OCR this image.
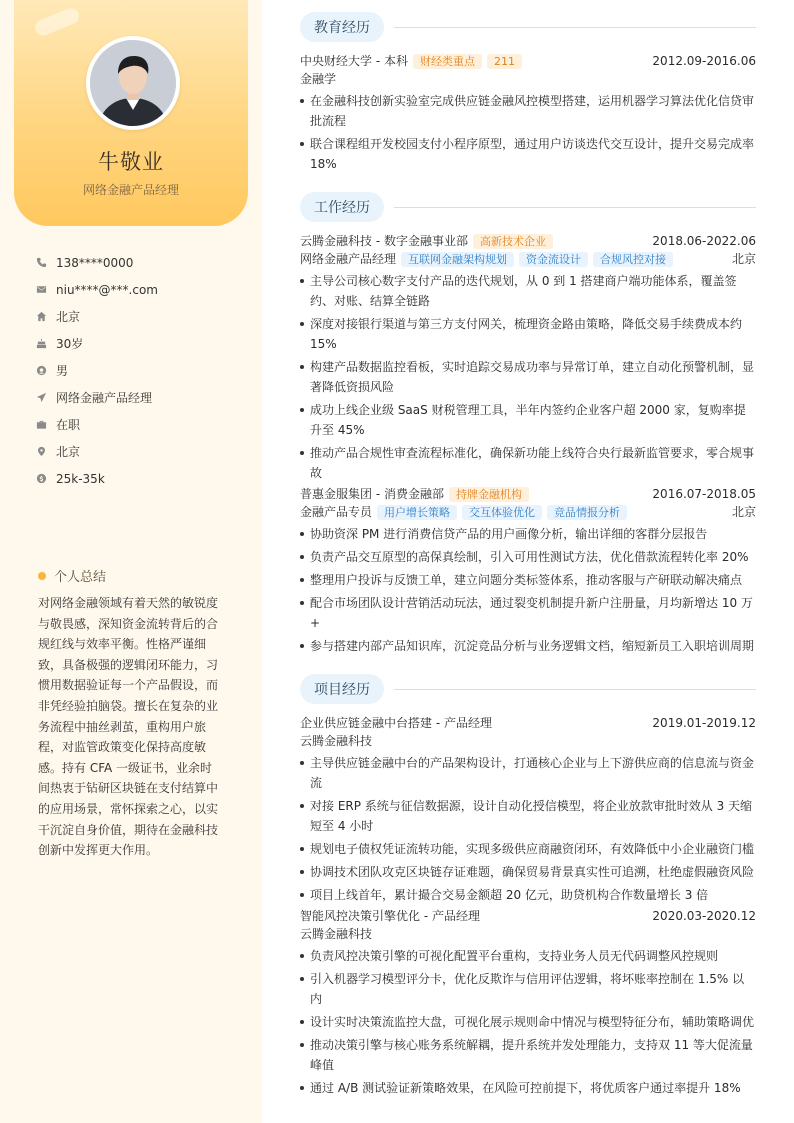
牛敬业
网络金融产品经理
138****0000
niu****@***.com
北京
30岁
男
网络金融产品经理
在职
北京
25k-35k
个人总结
对网络金融领域有着天然的敏锐度与敬畏感，深知资金流转背后的合规红线与效率平衡。性格严谨细致，具备极强的逻辑闭环能力，习惯用数据验证每一个产品假设，而非凭经验拍脑袋。擅长在复杂的业务流程中抽丝剥茧，重构用户旅程，对监管政策变化保持高度敏感。持有 CFA 一级证书，业余时间热衷于钻研区块链在支付结算中的应用场景，常怀探索之心，以实干沉淀自身价值，期待在金融科技创新中发挥更大作用。
教育经历
中央财经大学 - 本科	财经类重点	211	2012.09-2016.06
金融学
在金融科技创新实验室完成供应链金融风控模型搭建，运用机器学习算法优化信贷审批流程
联合课程组开发校园支付小程序原型，通过用户访谈迭代交互设计，提升交易完成率18%
工作经历
云腾金融科技 - 数字金融事业部	高新技术企业	2018.06-2022.06
网络金融产品经理	互联网金融架构规划	资金流设计	合规风控对接	北京
主导公司核心数字支付产品的迭代规划，从 0 到 1 搭建商户端功能体系，覆盖签约、对账、结算全链路
深度对接银行渠道与第三方支付网关，梳理资金路由策略，降低交易手续费成本约15%
构建产品数据监控看板，实时追踪交易成功率与异常订单，建立自动化预警机制，显著降低资损风险
成功上线企业级 SaaS 财税管理工具，半年内签约企业客户超 2000 家，复购率提升至 45%
推动产品合规性审查流程标准化，确保新功能上线符合央行最新监管要求，零合规事故
普惠金服集团 - 消费金融部	持牌金融机构	2016.07-2018.05
金融产品专员	用户增长策略	交互体验优化	竞品情报分析	北京
协助资深 PM 进行消费信贷产品的用户画像分析，输出详细的客群分层报告
负责产品交互原型的高保真绘制，引入可用性测试方法，优化借款流程转化率 20%
整理用户投诉与反馈工单，建立问题分类标签体系，推动客服与产研联动解决痛点
配合市场团队设计营销活动玩法，通过裂变机制提升新户注册量，月均新增达 10 万+
参与搭建内部产品知识库，沉淀竞品分析与业务逻辑文档，缩短新员工入职培训周期
项目经历
企业供应链金融中台搭建 - 产品经理	2019.01-2019.12
云腾金融科技
主导供应链金融中台的产品架构设计，打通核心企业与上下游供应商的信息流与资金流
对接 ERP 系统与征信数据源，设计自动化授信模型，将企业放款审批时效从 3 天缩短至 4 小时
规划电子债权凭证流转功能，实现多级供应商融资闭环，有效降低中小企业融资门槛
协调技术团队攻克区块链存证难题，确保贸易背景真实性可追溯，杜绝虚假融资风险
项目上线首年，累计撮合交易金额超 20 亿元，助贷机构合作数量增长 3 倍
智能风控决策引擎优化 - 产品经理	2020.03-2020.12
云腾金融科技
负责风控决策引擎的可视化配置平台重构，支持业务人员无代码调整风控规则
引入机器学习模型评分卡，优化反欺诈与信用评估逻辑，将坏账率控制在 1.5% 以内
设计实时决策流监控大盘，可视化展示规则命中情况与模型特征分布，辅助策略调优
推动决策引擎与核心账务系统解耦，提升系统并发处理能力，支持双 11 等大促流量峰值
通过 A/B 测试验证新策略效果，在风险可控前提下，将优质客户通过率提升 18%
